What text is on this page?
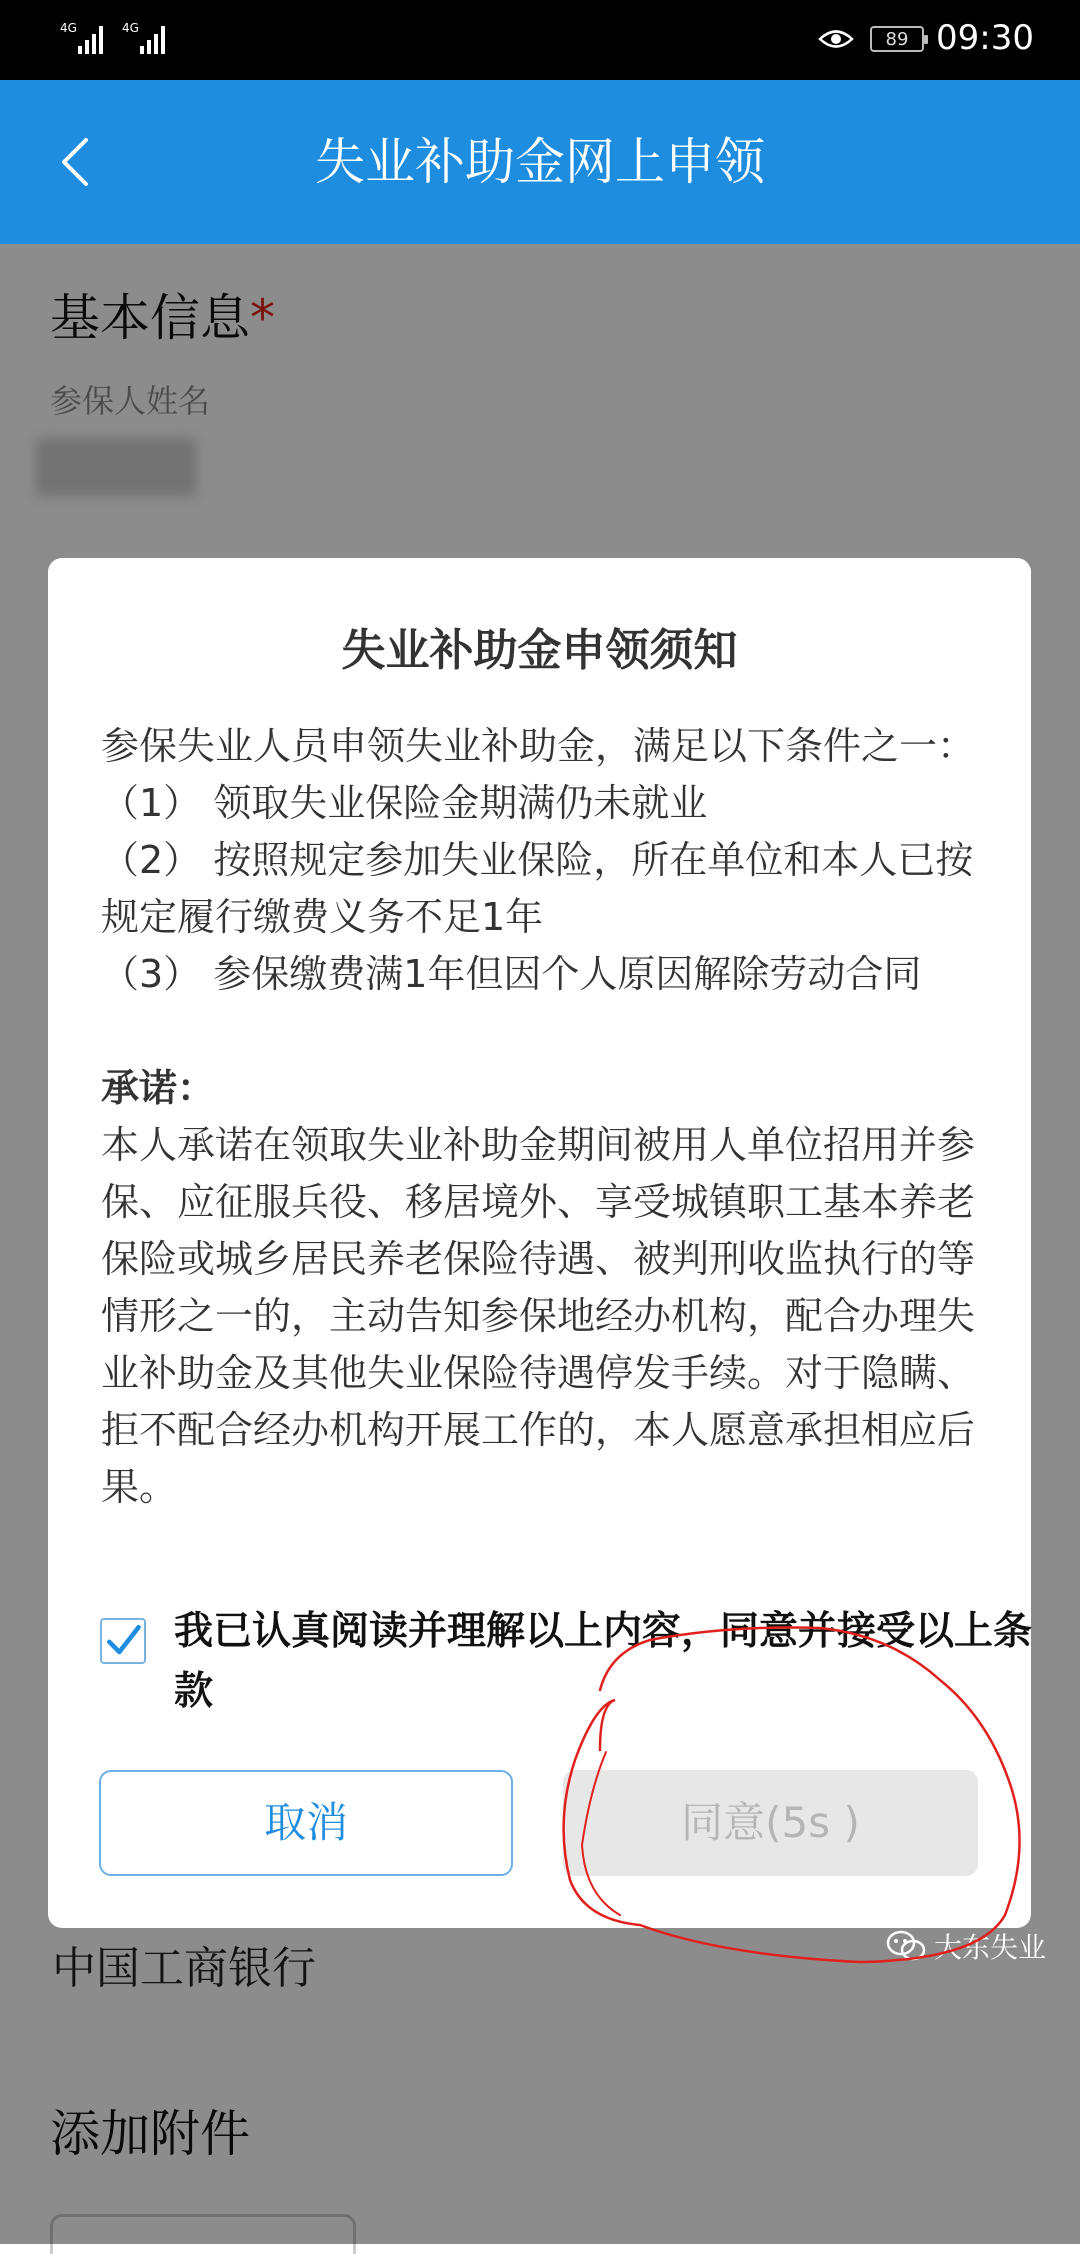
4G	4G
89 09:30
失业补助金网上申领
基本信息*
参保人姓名
中国工商银行
添加附件
大东失业
失业补助金申领须知

参保失业人员申领失业补助金，满足以下条件之一：

（1） 领取失业保险金期满仍未就业

（2） 按照规定参加失业保险，所在单位和本人已按规定履行缴费义务不足1年

（3） 参保缴费满1年但因个人原因解除劳动合同

承诺：

本人承诺在领取失业补助金期间被用人单位招用并参保、应征服兵役、移居境外、享受城镇职工基本养老保险或城乡居民养老保险待遇、被判刑收监执行的等情形之一的，主动告知参保地经办机构，配合办理失业补助金及其他失业保险待遇停发手续。对于隐瞒、拒不配合经办机构开展工作的，本人愿意承担相应后果。

我已认真阅读并理解以上内容，同意并接受以上条款
取消	同意(5s )
